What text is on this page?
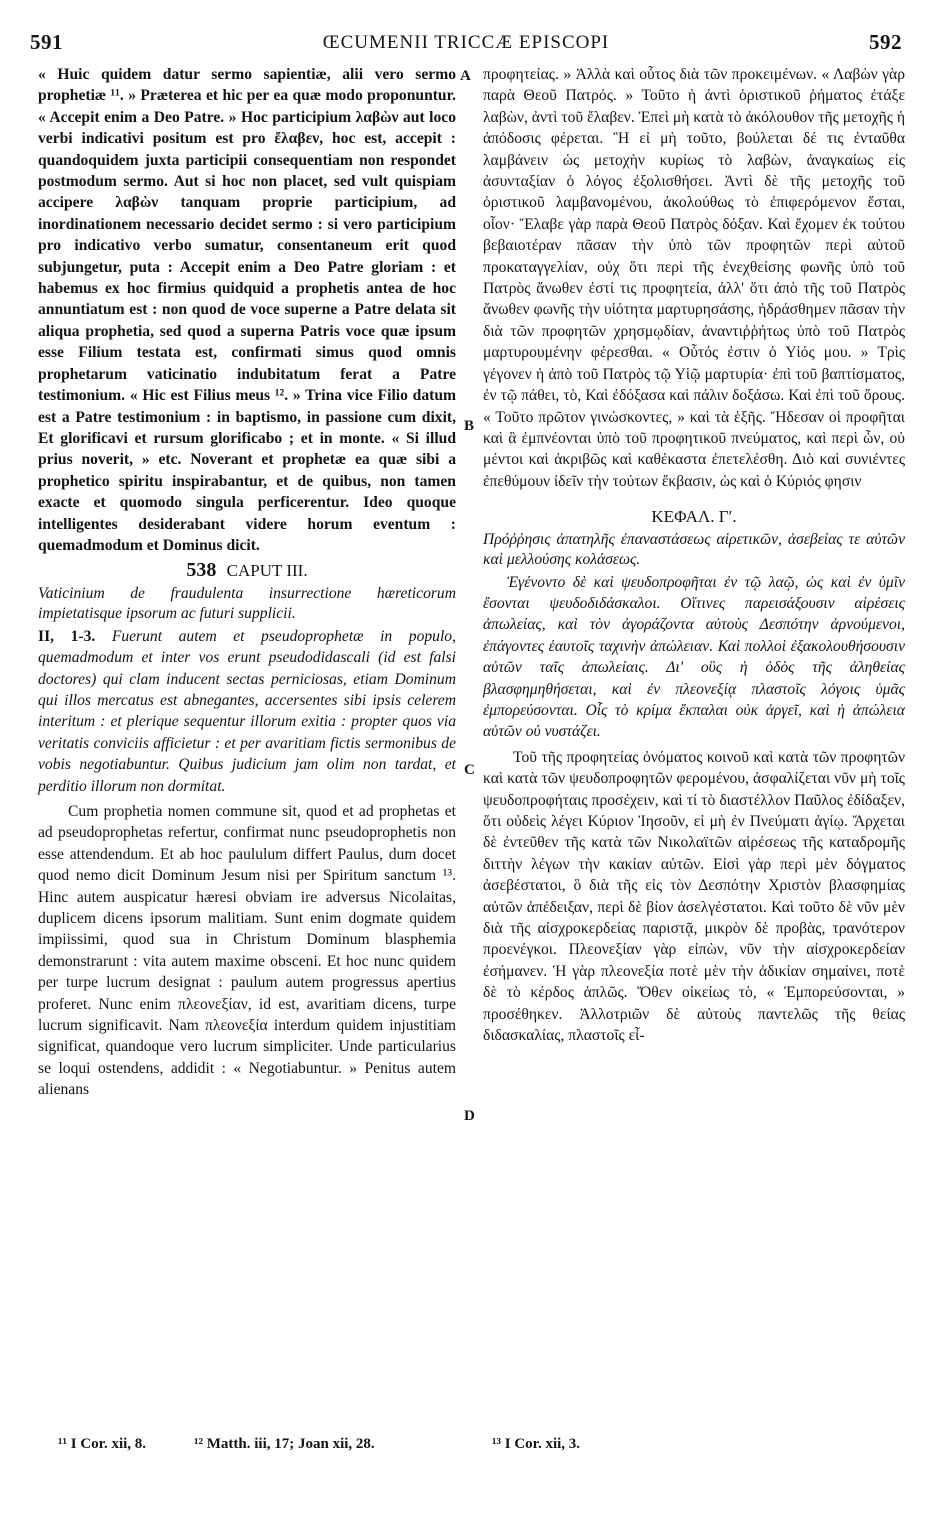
591	ŒCUMENII TRICCÆ EPISCOPI	592
A
B
C
D

« Huic quidem datur sermo sapientiæ, alii vero sermo prophetiæ ¹¹. » Præterea et hic per ea quæ modo proponuntur. « Accepit enim a Deo Patre. » Hoc participium λαβὼν aut loco verbi indicativi positum est pro ἔλαβεν, hoc est, accepit : quandoquidem juxta participii consequentiam non respondet postmodum sermo. Aut si hoc non placet, sed vult quispiam accipere λαβὼν tanquam proprie participium, ad inordinationem necessario decidet sermo : si vero participium pro indicativo verbo sumatur, consentaneum erit quod subjungetur, puta : Accepit enim a Deo Patre gloriam : et habemus ex hoc firmius quidquid a prophetis antea de hoc annuntiatum est : non quod de voce superne a Patre delata sit aliqua prophetia, sed quod a superna Patris voce quæ ipsum esse Filium testata est, confirmati simus quod omnis prophetarum vaticinatio indubitatum ferat a Patre testimonium. « Hic est Filius meus ¹². » Trina vice Filio datum est a Patre testimonium : in baptismo, in passione cum dixit, Et glorificavi et rursum glorificabo ; et in monte. « Si illud prius noverit, » etc. Noverant et prophetæ ea quæ sibi a prophetico spiritu inspirabantur, et de quibus, non tamen exacte et quomodo singula perficerentur. Ideo quoque intelligentes desiderabant videre horum eventum : quemadmodum et Dominus dicit.

538 CAPUT III.

Vaticinium de fraudulenta insurrectione hæreticorum impietatisque ipsorum ac futuri supplicii.

II, 1-3. Fuerunt autem et pseudoprophetæ in populo, quemadmodum et inter vos erunt pseudodidascali (id est falsi doctores) qui clam inducent sectas perniciosas, etiam Dominum qui illos mercatus est abnegantes, accersentes sibi ipsis celerem interitum : et plerique sequentur illorum exitia : propter quos via veritatis conviciis afficietur : et per avaritiam fictis sermonibus de vobis negotiabuntur. Quibus judicium jam olim non tardat, et perditio illorum non dormitat.

Cum prophetia nomen commune sit, quod et ad prophetas et ad pseudoprophetas refertur, confirmat nunc pseudoprophetis non esse attendendum. Et ab hoc paululum differt Paulus, dum docet quod nemo dicit Dominum Jesum nisi per Spiritum sanctum ¹³. Hinc autem auspicatur hæresi obviam ire adversus Nicolaitas, duplicem dicens ipsorum malitiam. Sunt enim dogmate quidem impiissimi, quod sua in Christum Dominum blasphemia demonstrarunt : vita autem maxime obsceni. Et hoc nunc quidem per turpe lucrum designat : paulum autem progressus apertius proferet. Nunc enim πλεονεξίαν, id est, avaritiam dicens, turpe lucrum significavit. Nam πλεονεξία interdum quidem injustitiam significat, quandoque vero lucrum simpliciter. Unde particularius se loqui ostendens, addidit : « Negotiabuntur. » Penitus autem alienans

προφητείας. » Ἀλλὰ καὶ οὗτος διὰ τῶν προκειμένων. « Λαβὼν γὰρ παρὰ Θεοῦ Πατρός. » Τοῦτο ἡ ἀντὶ ὁριστικοῦ ῥήματος ἐτάξε λαβὼν, ἀντὶ τοῦ ἔλαβεν. Ἐπεὶ μὴ κατὰ τὸ ἀκόλουθον τῆς μετοχῆς ἡ ἀπόδοσις φέρεται. Ἢ εἰ μὴ τοῦτο, βούλεται δέ τις ἐνταῦθα λαμβάνειν ὡς μετοχὴν κυρίως τὸ λαβὼν, ἀναγκαίως εἰς ἀσυνταξίαν ὁ λόγος ἐξολισθήσει. Ἀντὶ δὲ τῆς μετοχῆς τοῦ ὁριστικοῦ λαμβανομένου, ἀκολούθως τὸ ἐπιφερόμενον ἔσται, οἷον· Ἔλαβε γὰρ παρὰ Θεοῦ Πατρὸς δόξαν. Καὶ ἔχομεν ἐκ τούτου βεβαιοτέραν πᾶσαν τὴν ὑπὸ τῶν προφητῶν περὶ αὐτοῦ προκαταγγελίαν, οὐχ ὅτι περὶ τῆς ἐνεχθείσης φωνῆς ὑπὸ τοῦ Πατρὸς ἄνωθεν ἐστί τις προφητεία, ἀλλ' ὅτι ἀπὸ τῆς τοῦ Πατρὸς ἄνωθεν φωνῆς τὴν υἱότητα μαρτυρησάσης, ἠδράσθημεν πᾶσαν τὴν διὰ τῶν προφητῶν χρησμῳδίαν, ἀναντιῤῥήτως ὑπὸ τοῦ Πατρὸς μαρτυρουμένην φέρεσθαι. « Οὗτός ἐστιν ὁ Υἱός μου. » Τρὶς γέγονεν ἡ ἀπὸ τοῦ Πατρὸς τῷ Υἱῷ μαρτυρία· ἐπὶ τοῦ βαπτίσματος, ἐν τῷ πάθει, τὸ, Καὶ ἐδόξασα καὶ πάλιν δοξάσω. Καὶ ἐπὶ τοῦ ὄρους. « Τοῦτο πρῶτον γινώσκοντες, » καὶ τὰ ἑξῆς. Ἤδεσαν οἱ προφῆται καὶ ἃ ἐμπνέονται ὑπὸ τοῦ προφητικοῦ πνεύματος, καὶ περὶ ὧν, οὐ μέντοι καὶ ἀκριβῶς καὶ καθέκαστα ἐπετελέσθη. Διὸ καὶ συνιέντες ἐπεθύμουν ἰδεῖν τὴν τούτων ἔκβασιν, ὡς καὶ ὁ Κύριός φησιν

ΚΕΦΑΛ. Γʹ.

Πρόῤῥησις ἀπατηλῆς ἐπαναστάσεως αἱρετικῶν, ἀσεβείας τε αὐτῶν καὶ μελλούσης κολάσεως.

Ἐγένοντο δὲ καὶ ψευδοπροφῆται ἐν τῷ λαῷ, ὡς καὶ ἐν ὑμῖν ἔσονται ψευδοδιδάσκαλοι. Οἵτινες παρεισάξουσιν αἱρέσεις ἀπωλείας, καὶ τὸν ἀγοράζοντα αὐτοὺς Δεσπότην ἀρνούμενοι, ἐπάγοντες ἑαυτοῖς ταχινὴν ἀπώλειαν. Καὶ πολλοὶ ἐξακολουθήσουσιν αὐτῶν ταῖς ἀπωλείαις. Δι' οὓς ἡ ὁδὸς τῆς ἀληθείας βλασφημηθήσεται, καὶ ἐν πλεονεξίᾳ πλαστοῖς λόγοις ὑμᾶς ἐμπορεύσονται. Οἷς τὸ κρίμα ἔκπαλαι οὐκ ἀργεῖ, καὶ ἡ ἀπώλεια αὐτῶν οὐ νυστάζει.

Τοῦ τῆς προφητείας ὀνόματος κοινοῦ καὶ κατὰ τῶν προφητῶν καὶ κατὰ τῶν ψευδοπροφητῶν φερομένου, ἀσφαλίζεται νῦν μὴ τοῖς ψευδοπροφήταις προσέχειν, καὶ τί τὸ διαστέλλον Παῦλος ἐδίδαξεν, ὅτι οὐδεὶς λέγει Κύριον Ἰησοῦν, εἰ μὴ ἐν Πνεύματι ἁγίῳ. Ἄρχεται δὲ ἐντεῦθεν τῆς κατὰ τῶν Νικολαϊτῶν αἱρέσεως τῆς καταδρομῆς διττὴν λέγων τὴν κακίαν αὐτῶν. Εἰσὶ γὰρ περὶ μὲν δόγματος ἀσεβέστατοι, ὃ διὰ τῆς εἰς τὸν Δεσπότην Χριστὸν βλασφημίας αὐτῶν ἀπέδειξαν, περὶ δὲ βίον ἀσελγέστατοι. Καὶ τοῦτο δὲ νῦν μὲν διὰ τῆς αἰσχροκερδείας παριστᾷ, μικρὸν δὲ προβὰς, τρανότερον προενέγκοι. Πλεονεξίαν γὰρ εἰπὼν, νῦν τὴν αἰσχροκερδείαν ἐσήμανεν. Ἡ γὰρ πλεονεξία ποτὲ μὲν τὴν ἀδικίαν σημαίνει, ποτὲ δὲ τὸ κέρδος ἁπλῶς. Ὅθεν οἰκείως τὸ, « Ἐμπορεύσονται, » προσέθηκεν. Ἀλλοτριῶν δὲ αὐτοὺς παντελῶς τῆς θείας διδασκαλίας, πλαστοῖς εἶ-

¹¹ I Cor. xii, 8.	¹² Matth. iii, 17; Joan xii, 28.	¹³ I Cor. xii, 3.
